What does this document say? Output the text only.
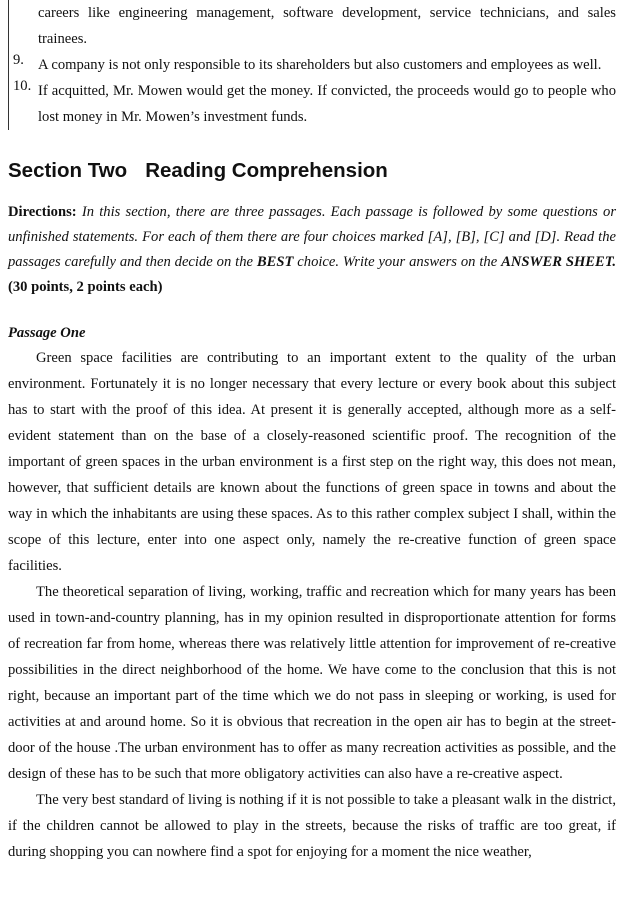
careers like engineering management, software development, service technicians, and sales trainees.

9. A company is not only responsible to its shareholders but also customers and employees as well.

10. If acquitted, Mr. Mowen would get the money. If convicted, the proceeds would go to people who lost money in Mr. Mowen’s investment funds.

Section Two Reading Comprehension

Directions: In this section, there are three passages. Each passage is followed by some questions or unfinished statements. For each of them there are four choices marked [A], [B], [C] and [D]. Read the passages carefully and then decide on the BEST choice. Write your answers on the ANSWER SHEET. (30 points, 2 points each)

Passage One

Green space facilities are contributing to an important extent to the quality of the urban environment. Fortunately it is no longer necessary that every lecture or every book about this subject has to start with the proof of this idea. At present it is generally accepted, although more as a self-evident statement than on the base of a closely-reasoned scientific proof. The recognition of the important of green spaces in the urban environment is a first step on the right way, this does not mean, however, that sufficient details are known about the functions of green space in towns and about the way in which the inhabitants are using these spaces. As to this rather complex subject I shall, within the scope of this lecture, enter into one aspect only, namely the re-creative function of green space facilities.

The theoretical separation of living, working, traffic and recreation which for many years has been used in town-and-country planning, has in my opinion resulted in disproportionate attention for forms of recreation far from home, whereas there was relatively little attention for improvement of re-creative possibilities in the direct neighborhood of the home. We have come to the conclusion that this is not right, because an important part of the time which we do not pass in sleeping or working, is used for activities at and around home. So it is obvious that recreation in the open air has to begin at the street-door of the house .The urban environment has to offer as many recreation activities as possible, and the design of these has to be such that more obligatory activities can also have a re-creative aspect.

The very best standard of living is nothing if it is not possible to take a pleasant walk in the district, if the children cannot be allowed to play in the streets, because the risks of traffic are too great, if during shopping you can nowhere find a spot for enjoying for a moment the nice weather,
